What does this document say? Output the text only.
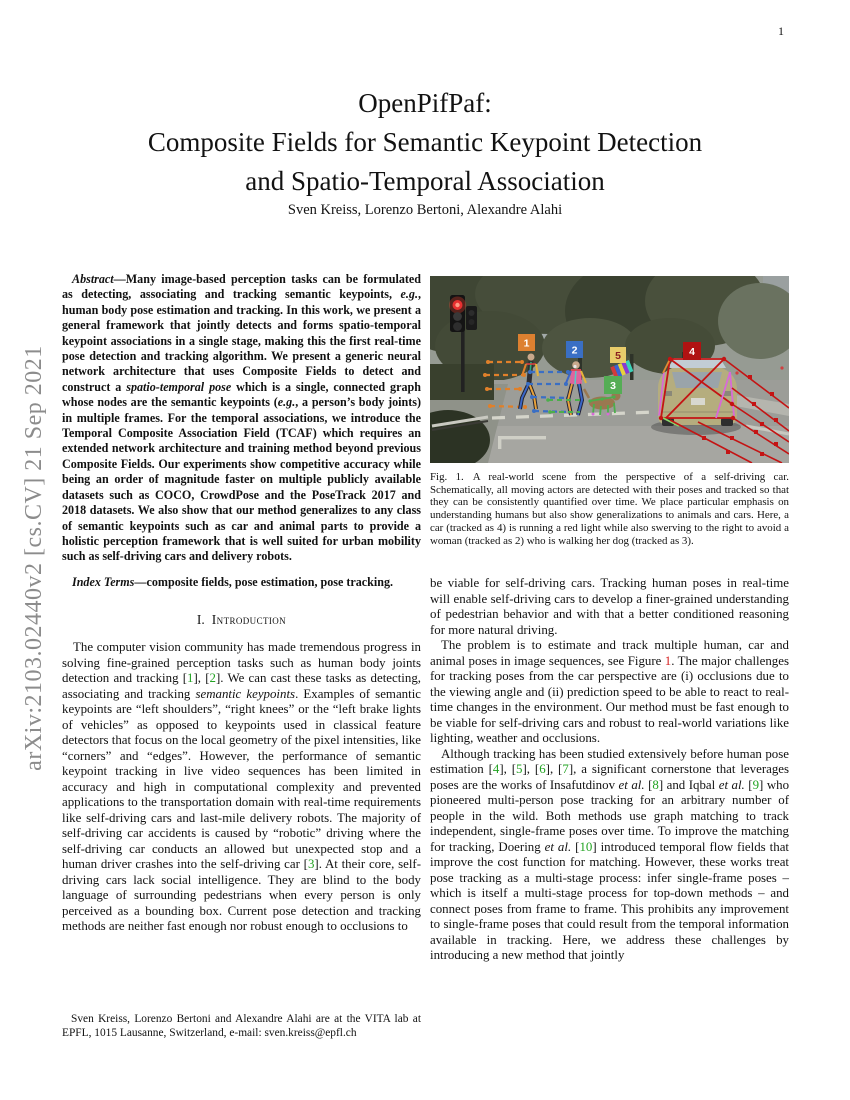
1
arXiv:2103.02440v2 [cs.CV] 21 Sep 2021
OpenPifPaf:
Composite Fields for Semantic Keypoint Detection
and Spatio-Temporal Association
Sven Kreiss, Lorenzo Bertoni, Alexandre Alahi

Abstract—Many image-based perception tasks can be formulated as detecting, associating and tracking semantic keypoints, e.g., human body pose estimation and tracking. In this work, we present a general framework that jointly detects and forms spatio-temporal keypoint associations in a single stage, making this the first real-time pose detection and tracking algorithm. We present a generic neural network architecture that uses Composite Fields to detect and construct a spatio-temporal pose which is a single, connected graph whose nodes are the semantic keypoints (e.g., a person’s body joints) in multiple frames. For the temporal associations, we introduce the Temporal Composite Association Field (TCAF) which requires an extended network architecture and training method beyond previous Composite Fields. Our experiments show competitive accuracy while being an order of magnitude faster on multiple publicly available datasets such as COCO, CrowdPose and the PoseTrack 2017 and 2018 datasets. We also show that our method generalizes to any class of semantic keypoints such as car and animal parts to provide a holistic perception framework that is well suited for urban mobility such as self-driving cars and delivery robots.

Index Terms—composite fields, pose estimation, pose tracking.

I. Introduction

The computer vision community has made tremendous progress in solving fine-grained perception tasks such as human body joints detection and tracking [1], [2]. We can cast these tasks as detecting, associating and tracking semantic keypoints. Examples of semantic keypoints are “left shoulders”, “right knees” or the “left brake lights of vehicles” as opposed to keypoints used in classical feature detectors that focus on the local geometry of the pixel intensities, like “corners” and “edges”. However, the performance of semantic keypoint tracking in live video sequences has been limited in accuracy and high in computational complexity and prevented applications to the transportation domain with real-time requirements like self-driving cars and last-mile delivery robots. The majority of self-driving car accidents is caused by “robotic” driving where the self-driving car conducts an allowed but unexpected stop and a human driver crashes into the self-driving car [3]. At their core, self-driving cars lack social intelligence. They are blind to the body language of surrounding pedestrians when every person is only perceived as a bounding box. Current pose detection and tracking methods are neither fast enough nor robust enough to occlusions to

1
2	5
3
4
Fig. 1. A real-world scene from the perspective of a self-driving car. Schematically, all moving actors are detected with their poses and tracked so that they can be consistently quantified over time. We place particular emphasis on understanding humans but also show generalizations to animals and cars. Here, a car (tracked as 4) is running a red light while also swerving to the right to avoid a woman (tracked as 2) who is walking her dog (tracked as 3).

be viable for self-driving cars. Tracking human poses in real-time will enable self-driving cars to develop a finer-grained understanding of pedestrian behavior and with that a better conditioned reasoning for more natural driving.

The problem is to estimate and track multiple human, car and animal poses in image sequences, see Figure 1. The major challenges for tracking poses from the car perspective are (i) occlusions due to the viewing angle and (ii) prediction speed to be able to react to real-time changes in the environment. Our method must be fast enough to be viable for self-driving cars and robust to real-world variations like lighting, weather and occlusions.

Although tracking has been studied extensively before human pose estimation [4], [5], [6], [7], a significant cornerstone that leverages poses are the works of Insafutdinov et al. [8] and Iqbal et al. [9] who pioneered multi-person pose tracking for an arbitrary number of people in the wild. Both methods use graph matching to track independent, single-frame poses over time. To improve the matching for tracking, Doering et al. [10] introduced temporal flow fields that improve the cost function for matching. However, these works treat pose tracking as a multi-stage process: infer single-frame poses – which is itself a multi-stage process for top-down methods – and connect poses from frame to frame. This prohibits any improvement to single-frame poses that could result from the temporal information available in tracking. Here, we address these challenges by introducing a new method that jointly

Sven Kreiss, Lorenzo Bertoni and Alexandre Alahi are at the VITA lab at EPFL, 1015 Lausanne, Switzerland, e-mail: sven.kreiss@epfl.ch
